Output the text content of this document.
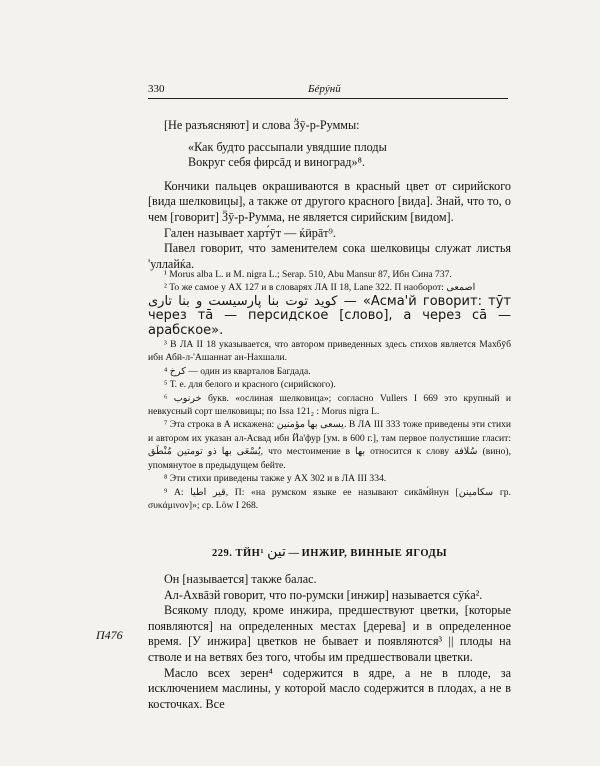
330	Бéрýнй

[Не разъясняют] и слова Ӟӯ-р-Руммы:

«Как будто рассыпали увядшие плоды

Вокруг себя фирсāд и виноград»⁸.

Кончики пальцев окрашиваются в красный цвет от сирийского [вида шелковицы], а также от другого красного [вида]. Знай, что то, о чем [говорит] Ӟӯ-р-Румма, не является сирийским [видом].

Гален называет харт́ӯт — ќӣрāт⁹.

Павел говорит, что заменителем сока шелковицы служат листья 'уллайќа.

¹ Morus alba L. и M. nigra L.; Serap. 510, Abu Mansur 87, Ибн Сина 737.

² То же самое у АХ 127 и в словарях ЛА II 18, Lane 322. П наоборот: اصمعی

کوید توت بنا پارسیست و بنا تاری — «Асма'й говорит: тӯт через тā — персидское [слово], а через сā — арабское».

³ В ЛА II 18 указывается, что автором приведенных здесь стихов является Махбӯб ибн Абӣ-л-'Ашаннат ан-Нахшали.

⁴ کرخ — один из кварталов Багдада.

⁵ Т. е. для белого и красного (сирийского).

⁶ خرنوب букв. «ослиная шелковица»; согласно Vullers I 669 это крупный и невкусный сорт шелковицы; по Issa 121₂ : Morus nigra L.

⁷ Эта строка в А искажена: يسعى بها مؤمنين. В ЛА III 333 тоже приведены эти стихи и автором их указан ал-Асвад ибн Йа'фур [ум. в 600 г.], там первое полустишие гласит: يُسْعَى بها ذو تومتين مُنْطَق, что местоимение в بها относится к слову سُلافة (вино), упомянутое в предыдущем бейте.

⁸ Эти стихи приведены также у АХ 302 и в ЛА III 334.

⁹ А: قير اطيا, П: «на румском языке ее называют сикāм́йнун [سكامينن гр. συκάμινον]»; ср. Löw I 268.

229. ТЙН¹ تين — ИНЖИР, ВИННЫЕ ЯГОДЫ

П476

Он [называется] также балас.

Ал-Ахвāзй говорит, что по-румски [инжир] называется сӯќа².

Всякому плоду, кроме инжира, предшествуют цветки, [которые появляются] на определенных местах [дерева] и в определенное время. [У инжира] цветков не бывает и появляются³ || плоды на стволе и на ветвях без того, чтобы им предшествовали цветки.

Масло всех зерен⁴ содержится в ядре, а не в плоде, за исключением маслины, у которой масло содержится в плодах, а не в косточках. Все
